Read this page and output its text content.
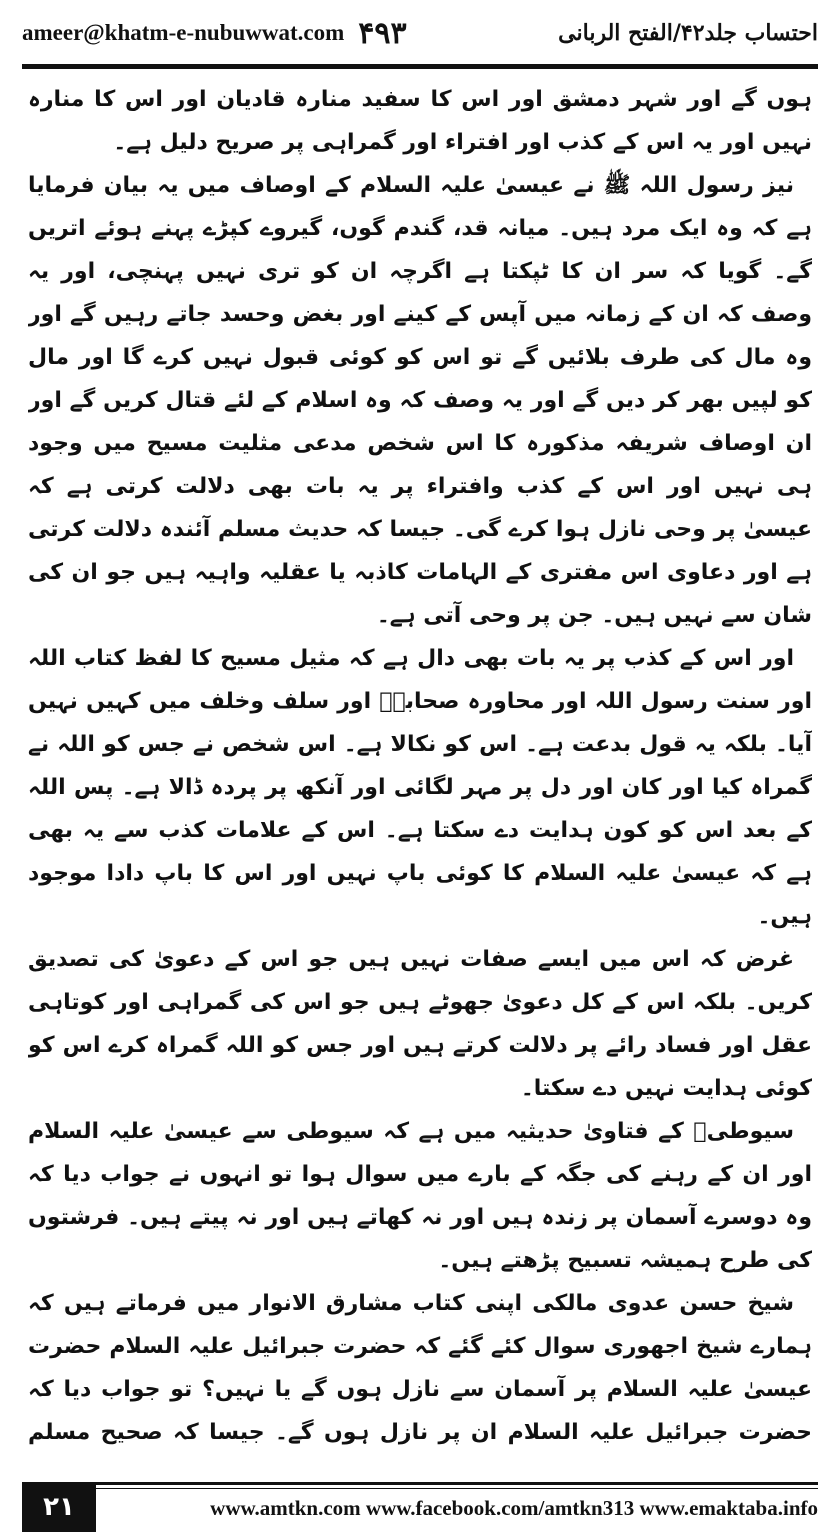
ameer@khatm-e-nubuwwat.com ۴۹۳	احتساب جلد۴۲/الفتح الربانی

ہوں گے اور شہر دمشق اور اس کا سفید منارہ قادیان اور اس کا منارہ نہیں اور یہ اس کے کذب اور افتراء اور گمراہی پر صریح دلیل ہے۔

نیز رسول اللہ ﷺ نے عیسیٰ علیہ السلام کے اوصاف میں یہ بیان فرمایا ہے کہ وہ ایک مرد ہیں۔ میانہ قد، گندم گوں، گیروے کپڑے پہنے ہوئے اتریں گے۔ گویا کہ سر ان کا ٹپکتا ہے اگرچہ ان کو تری نہیں پہنچی، اور یہ وصف کہ ان کے زمانہ میں آپس کے کینے اور بغض وحسد جاتے رہیں گے اور وہ مال کی طرف بلائیں گے تو اس کو کوئی قبول نہیں کرے گا اور مال کو لپیں بھر کر دیں گے اور یہ وصف کہ وہ اسلام کے لئے قتال کریں گے اور ان اوصاف شریفہ مذکورہ کا اس شخص مدعی مثلیت مسیح میں وجود ہی نہیں اور اس کے کذب وافتراء پر یہ بات بھی دلالت کرتی ہے کہ عیسیٰ پر وحی نازل ہوا کرے گی۔ جیسا کہ حدیث مسلم آئندہ دلالت کرتی ہے اور دعاوی اس مفتری کے الہامات کاذبہ یا عقلیہ واہیہ ہیں جو ان کی شان سے نہیں ہیں۔ جن پر وحی آتی ہے۔

اور اس کے کذب پر یہ بات بھی دال ہے کہ مثیل مسیح کا لفظ کتاب اللہ اور سنت رسول اللہ اور محاورہ صحابہؓ اور سلف وخلف میں کہیں نہیں آیا۔ بلکہ یہ قول بدعت ہے۔ اس کو نکالا ہے۔ اس شخص نے جس کو اللہ نے گمراہ کیا اور کان اور دل پر مہر لگائی اور آنکھ پر پردہ ڈالا ہے۔ پس اللہ کے بعد اس کو کون ہدایت دے سکتا ہے۔ اس کے علامات کذب سے یہ بھی ہے کہ عیسیٰ علیہ السلام کا کوئی باپ نہیں اور اس کا باپ دادا موجود ہیں۔

غرض کہ اس میں ایسے صفات نہیں ہیں جو اس کے دعویٰ کی تصدیق کریں۔ بلکہ اس کے کل دعویٰ جھوٹے ہیں جو اس کی گمراہی اور کوتاہی عقل اور فساد رائے پر دلالت کرتے ہیں اور جس کو اللہ گمراہ کرے اس کو کوئی ہدایت نہیں دے سکتا۔

سیوطیؒ کے فتاویٰ حدیثیہ میں ہے کہ سیوطی سے عیسیٰ علیہ السلام اور ان کے رہنے کی جگہ کے بارے میں سوال ہوا تو انہوں نے جواب دیا کہ وہ دوسرے آسمان پر زندہ ہیں اور نہ کھاتے ہیں اور نہ پیتے ہیں۔ فرشتوں کی طرح ہمیشہ تسبیح پڑھتے ہیں۔

شیخ حسن عدوی مالکی اپنی کتاب مشارق الانوار میں فرماتے ہیں کہ ہمارے شیخ اجھوری سوال کئے گئے کہ حضرت جبرائیل علیہ السلام حضرت عیسیٰ علیہ السلام پر آسمان سے نازل ہوں گے یا نہیں؟ تو جواب دیا کہ حضرت جبرائیل علیہ السلام ان پر نازل ہوں گے۔ جیسا کہ صحیح مسلم

۲۱	www.amtkn.com www.facebook.com/amtkn313 www.emaktaba.info
